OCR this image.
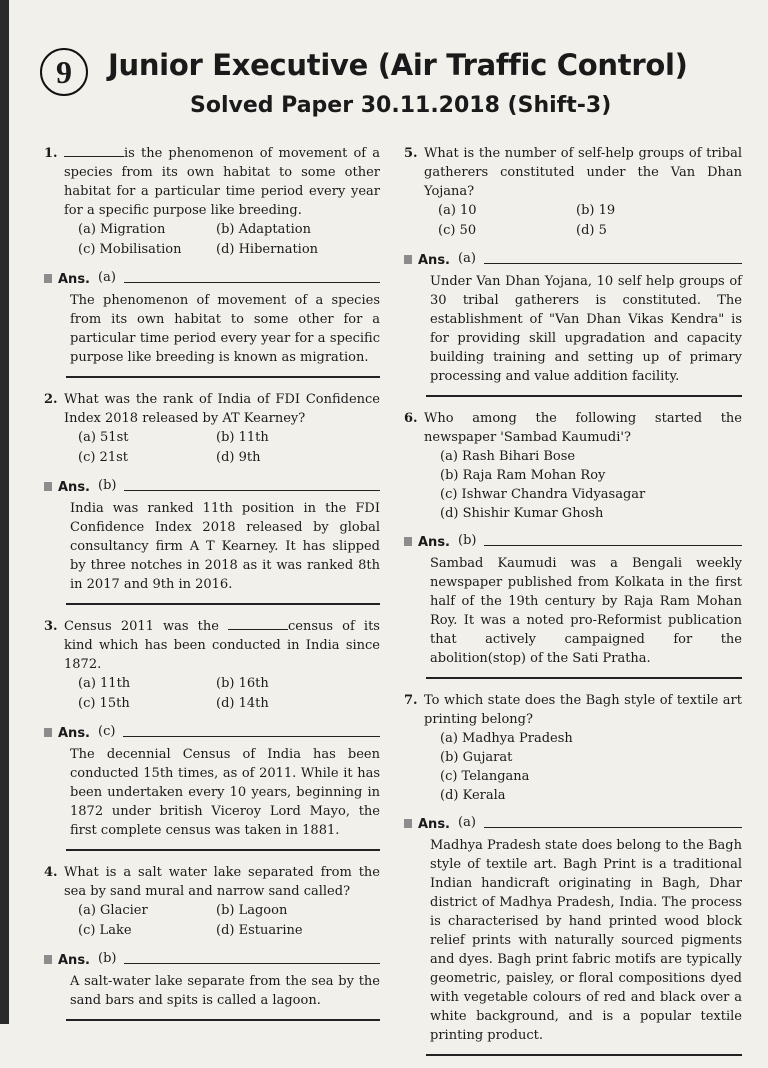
9	Junior Executive (Air Traffic Control)
Solved Paper 30.11.2018 (Shift-3)
1.	is the phenomenon of movement of a species from its own habitat to some other habitat for a particular time period every year for a specific purpose like breeding.
(a) Migration	(b) Adaptation
(c) Mobilisation	(d) Hibernation
Ans. (a)
The phenomenon of movement of a species from its own habitat to some other for a particular time period every year for a specific purpose like breeding is known as migration.
2. What was the rank of India of FDI Confidence Index 2018 released by AT Kearney?
(a) 51st	(b) 11th
(c) 21st	(d) 9th
Ans. (b)
India was ranked 11th position in the FDI Confidence Index 2018 released by global consultancy firm A T Kearney. It has slipped by three notches in 2018 as it was ranked 8th in 2017 and 9th in 2016.
3. Census 2011 was the	census of its kind which has been conducted in India since 1872.
(a) 11th	(b) 16th
(c) 15th	(d) 14th
Ans. (c)
The decennial Census of India has been conducted 15th times, as of 2011. While it has been undertaken every 10 years, beginning in 1872 under british Viceroy Lord Mayo, the first complete census was taken in 1881.
4. What is a salt water lake separated from the sea by sand mural and narrow sand called?
(a) Glacier	(b) Lagoon
(c) Lake	(d) Estuarine
Ans. (b)
A salt-water lake separate from the sea by the sand bars and spits is called a lagoon.
5. What is the number of self-help groups of tribal gatherers constituted under the Van Dhan Yojana?
(a) 10	(b) 19
(c) 50	(d) 5
Ans. (a)
Under Van Dhan Yojana, 10 self help groups of 30 tribal gatherers is constituted. The establishment of "Van Dhan Vikas Kendra" is for providing skill upgradation and capacity building training and setting up of primary processing and value addition facility.
6. Who among the following started the newspaper 'Sambad Kaumudi'?
(a) Rash Bihari Bose
(b) Raja Ram Mohan Roy
(c) Ishwar Chandra Vidyasagar
(d) Shishir Kumar Ghosh
Ans. (b)
Sambad Kaumudi was a Bengali weekly newspaper published from Kolkata in the first half of the 19th century by Raja Ram Mohan Roy. It was a noted pro-Reformist publication that actively campaigned for the abolition(stop) of the Sati Pratha.
7. To which state does the Bagh style of textile art printing belong?
(a) Madhya Pradesh
(b) Gujarat
(c) Telangana
(d) Kerala
Ans. (a)
Madhya Pradesh state does belong to the Bagh style of textile art. Bagh Print is a traditional Indian handicraft originating in Bagh, Dhar district of Madhya Pradesh, India. The process is characterised by hand printed wood block relief prints with naturally sourced pigments and dyes. Bagh print fabric motifs are typically geometric, paisley, or floral compositions dyed with vegetable colours of red and black over a white background, and is a popular textile printing product.
